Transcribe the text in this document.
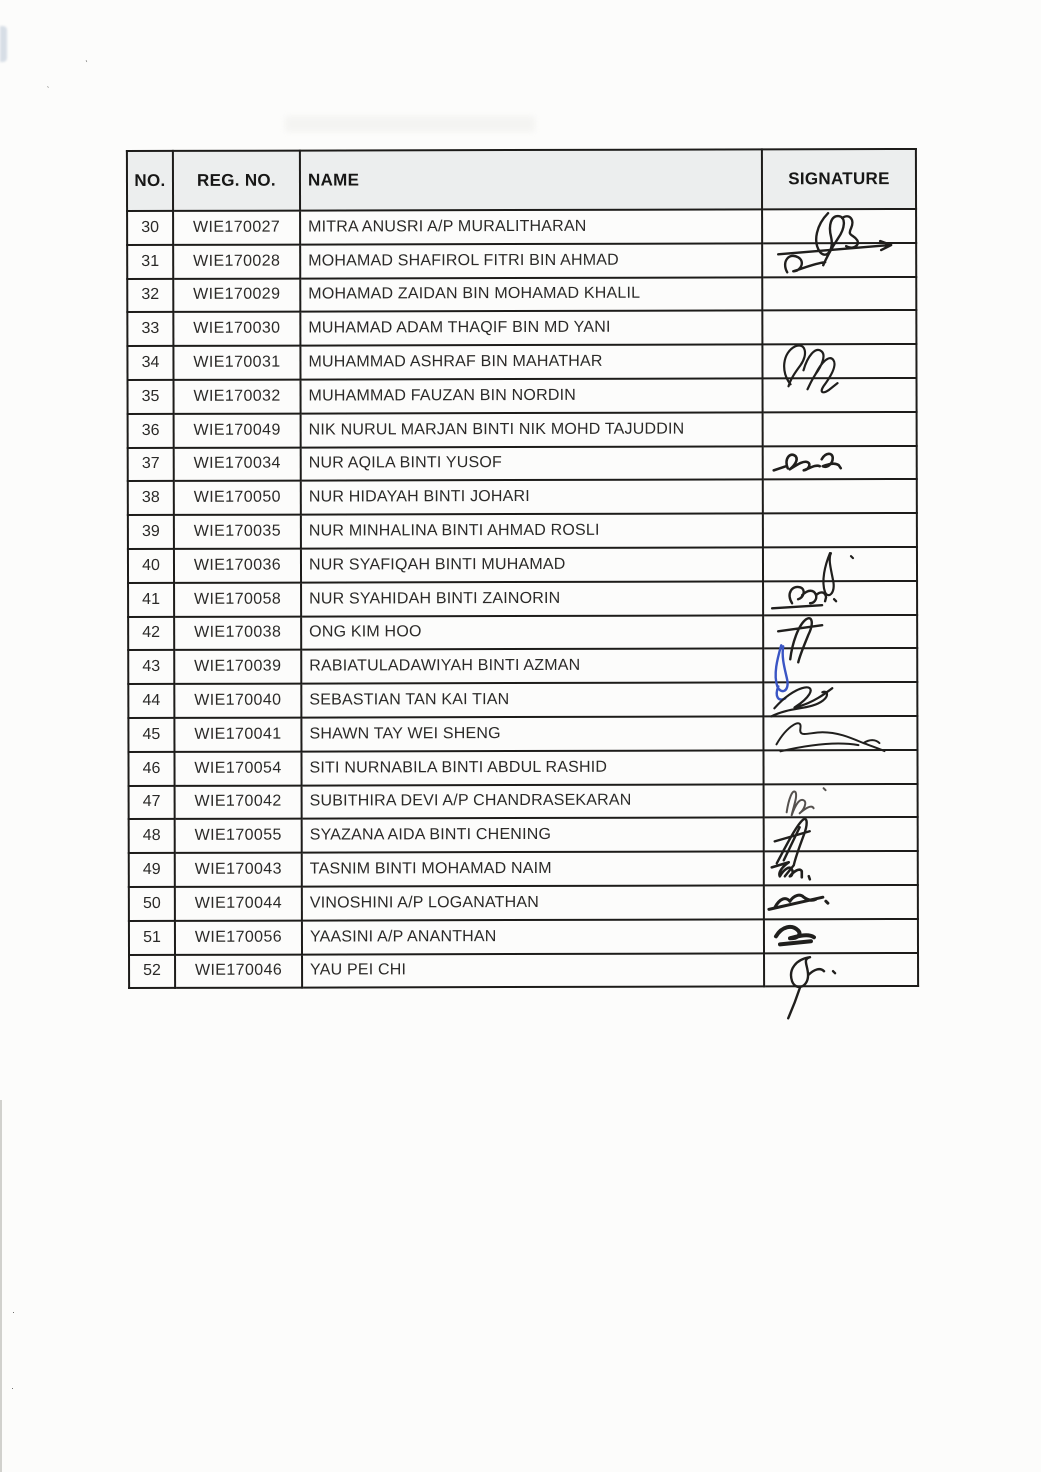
`
ˋ
·
·
NO.	REG. NO.	NAME	SIGNATURE
30	WIE170027	MITRA ANUSRI A/P MURALITHARAN	

31	WIE170028	MOHAMAD SHAFIROL FITRI BIN AHMAD	
32	WIE170029	MOHAMAD ZAIDAN BIN MOHAMAD KHALIL	
33	WIE170030	MUHAMAD ADAM THAQIF BIN MD YANI	
34	WIE170031	MUHAMMAD ASHRAF BIN MAHATHAR	

35	WIE170032	MUHAMMAD FAUZAN BIN NORDIN	
36	WIE170049	NIK NURUL MARJAN BINTI NIK MOHD TAJUDDIN	
37	WIE170034	NUR AQILA BINTI YUSOF	

38	WIE170050	NUR HIDAYAH BINTI JOHARI	
39	WIE170035	NUR MINHALINA BINTI AHMAD ROSLI	
40	WIE170036	NUR SYAFIQAH BINTI MUHAMAD	

41	WIE170058	NUR SYAHIDAH BINTI ZAINORIN	

42	WIE170038	ONG KIM HOO	

43	WIE170039	RABIATULADAWIYAH BINTI AZMAN	

44	WIE170040	SEBASTIAN TAN KAI TIAN	

45	WIE170041	SHAWN TAY WEI SHENG	

46	WIE170054	SITI NURNABILA BINTI ABDUL RASHID	
47	WIE170042	SUBITHIRA DEVI A/P CHANDRASEKARAN	

48	WIE170055	SYAZANA AIDA BINTI CHENING	

49	WIE170043	TASNIM BINTI MOHAMAD NAIM	

50	WIE170044	VINOSHINI A/P LOGANATHAN	

51	WIE170056	YAASINI A/P ANANTHAN	

52	WIE170046	YAU PEI CHI	
